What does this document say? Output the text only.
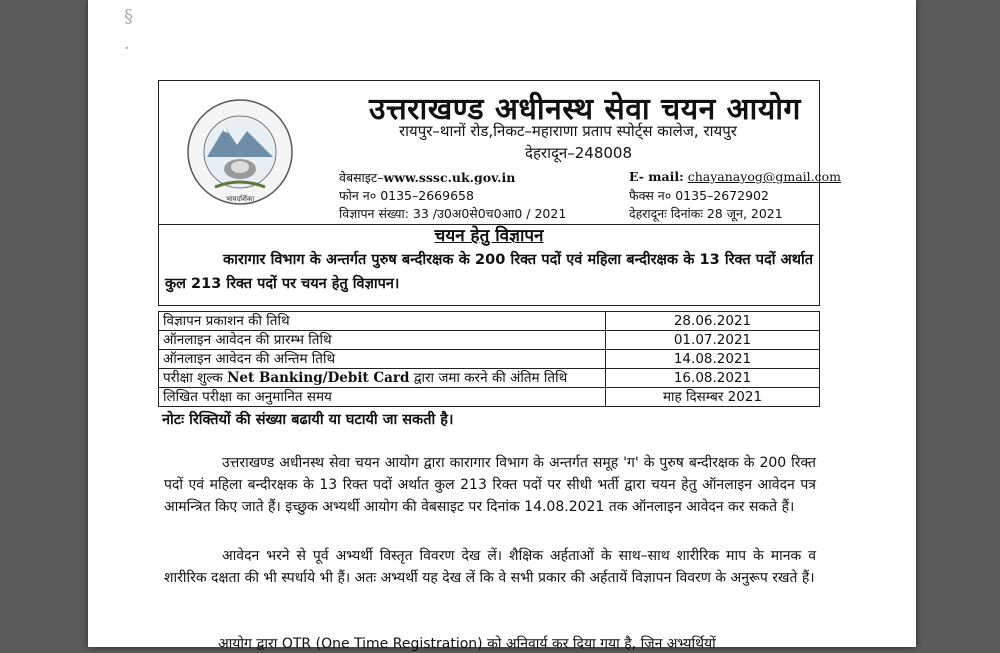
§
·
भावदर्शिका
उत्तराखण्ड अधीनस्थ सेवा चयन आयोग
रायपुर–थानों रोड,निकट–महाराणा प्रताप स्पोर्ट्स कालेज, रायपुर
देहरादून–248008
वेबसाइट–www.sssc.uk.gov.in	E- mail: chayanayog@gmail.com
फोन न० 0135–2669658	फैक्स न० 0135–2672902
विज्ञापन संख्या: 33 /उ0अ0से0च0आ0 / 2021	देहरादूनः दिनांकः 28 जून, 2021
चयन हेतु विज्ञापन
कारागार विभाग के अन्तर्गत पुरुष बन्दीरक्षक के 200 रिक्त पदों एवं महिला बन्दीरक्षक के 13 रिक्त पदों अर्थात कुल 213 रिक्त पदों पर चयन हेतु विज्ञापन।
विज्ञापन प्रकाशन की तिथि	28.06.2021
ऑनलाइन आवेदन की प्रारम्भ तिथि	01.07.2021
ऑनलाइन आवेदन की अन्तिम तिथि	14.08.2021
परीक्षा शुल्क Net Banking/Debit Card द्वारा जमा करने की अंतिम तिथि	16.08.2021
लिखित परीक्षा का अनुमानित समय	माह दिसम्बर 2021
नोटः रिक्तियों की संख्या बढायी या घटायी जा सकती है।
उत्तराखण्ड अधीनस्थ सेवा चयन आयोग द्वारा कारागार विभाग के अन्तर्गत समूह 'ग' के पुरुष बन्दीरक्षक के 200 रिक्त पदों एवं महिला बन्दीरक्षक के 13 रिक्त पदों अर्थात कुल 213 रिक्त पदों पर सीधी भर्ती द्वारा चयन हेतु ऑनलाइन आवेदन पत्र आमन्त्रित किए जाते हैं। इच्छुक अभ्यर्थी आयोग की वेबसाइट पर दिनांक 14.08.2021 तक ऑनलाइन आवेदन कर सकते हैं।
आवेदन भरने से पूर्व अभ्यर्थी विस्तृत विवरण देख लें। शैक्षिक अर्हताओं के साथ–साथ शारीरिक माप के मानक व शारीरिक दक्षता की भी स्पर्धाये भी हैं। अतः अभ्यर्थी यह देख लें कि वे सभी प्रकार की अर्हतायें विज्ञापन विवरण के अनुरूप रखते हैं।
आयोग द्वारा OTR (One Time Registration) को अनिवार्य कर दिया गया है, जिन अभ्यर्थियों
